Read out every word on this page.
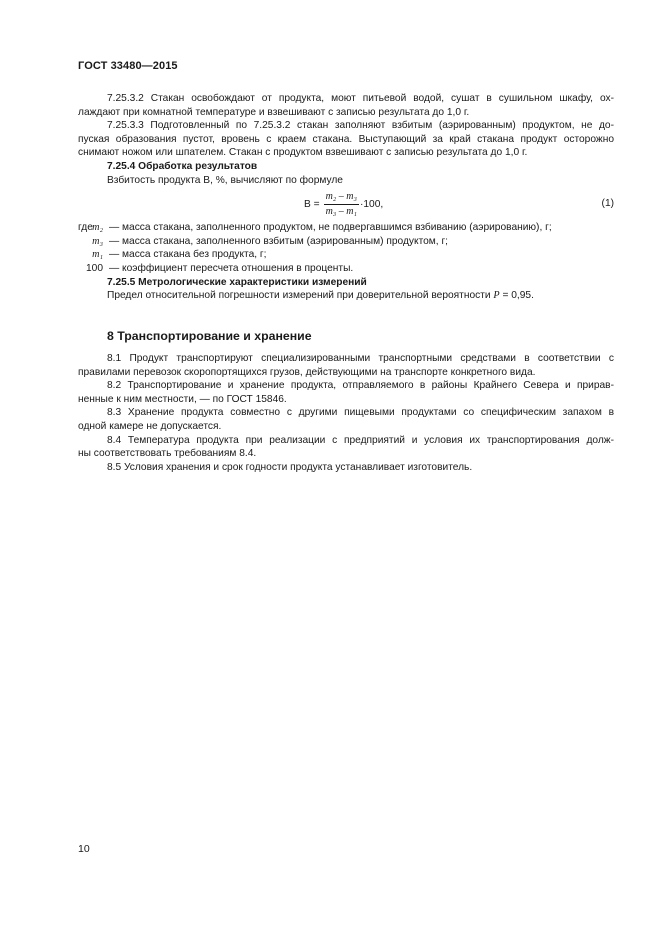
ГОСТ 33480—2015

7.25.3.2 Стакан освобождают от продукта, моют питьевой водой, сушат в сушильном шкафу, ох-

лаждают при комнатной температуре и взвешивают с записью результата до 1,0 г.

7.25.3.3 Подготовленный по 7.25.3.2 стакан заполняют взбитым (аэрированным) продуктом, не до-

пуская образования пустот, вровень с краем стакана. Выступающий за край стакана продукт осторожно

снимают ножом или шпателем. Стакан с продуктом взвешивают с записью результата до 1,0 г.

7.25.4 Обработка результатов

Взбитость продукта В, %, вычисляют по формуле

$В = \frac{\text{m₂ – m₃}}{\text{m₃ – m₁}} \cdot 100$,	(1)
где m₂ — масса стакана, заполненного продуктом, не подвергавшимся взбиванию (аэрированию), г;
m₃ — масса стакана, заполненного взбитым (аэрированным) продуктом, г;
m₁ — масса стакана без продукта, г;
100 — коэффициент пересчета отношения в проценты.

7.25.5 Метрологические характеристики измерений

Предел относительной погрешности измерений при доверительной вероятности Р = 0,95.

8 Транспортирование и хранение

8.1 Продукт транспортируют специализированными транспортными средствами в соответствии с

правилами перевозок скоропортящихся грузов, действующими на транспорте конкретного вида.

8.2 Транспортирование и хранение продукта, отправляемого в районы Крайнего Севера и прирав-

ненные к ним местности, — по ГОСТ 15846.

8.3 Хранение продукта совместно с другими пищевыми продуктами со специфическим запахом в

одной камере не допускается.

8.4 Температура продукта при реализации с предприятий и условия их транспортирования долж-

ны соответствовать требованиям 8.4.

8.5 Условия хранения и срок годности продукта устанавливает изготовитель.

10
